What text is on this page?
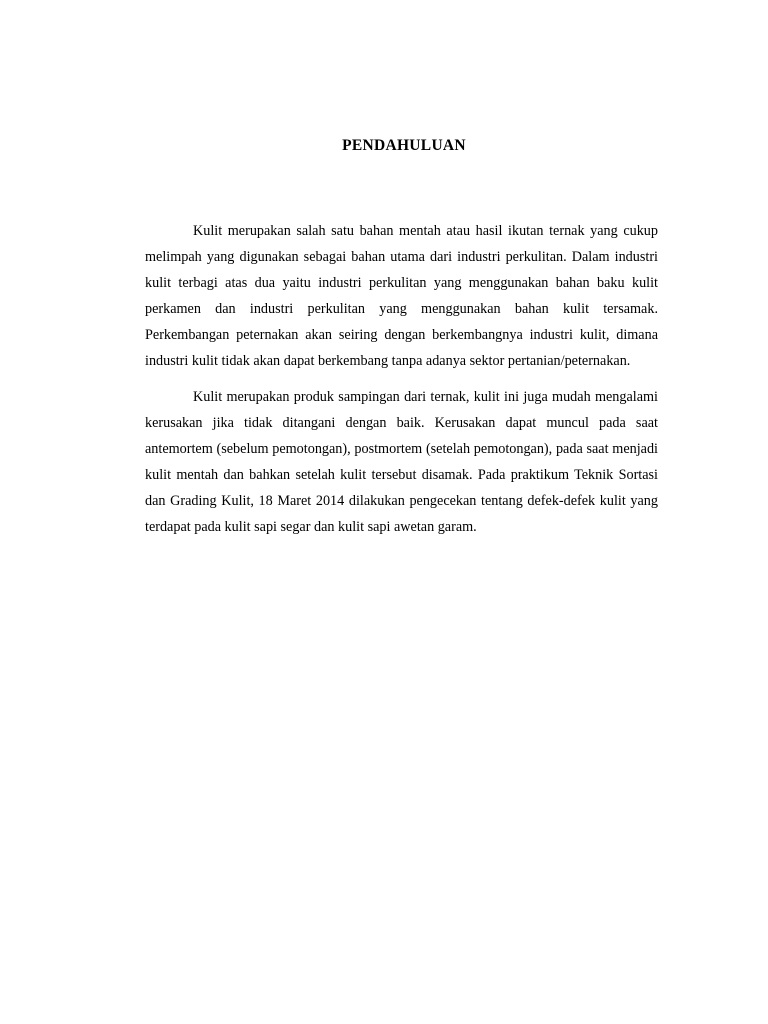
PENDAHULUAN

Kulit merupakan salah satu bahan mentah atau hasil ikutan ternak yang cukup melimpah yang digunakan sebagai bahan utama dari industri perkulitan. Dalam industri kulit terbagi atas dua yaitu industri perkulitan yang menggunakan bahan baku kulit perkamen dan industri perkulitan yang menggunakan bahan kulit tersamak. Perkembangan peternakan akan seiring dengan berkembangnya industri kulit, dimana industri kulit tidak akan dapat berkembang tanpa adanya sektor pertanian/peternakan.

Kulit merupakan produk sampingan dari ternak, kulit ini juga mudah mengalami kerusakan jika tidak ditangani dengan baik. Kerusakan dapat muncul pada saat antemortem (sebelum pemotongan), postmortem (setelah pemotongan), pada saat menjadi kulit mentah dan bahkan setelah kulit tersebut disamak. Pada praktikum Teknik Sortasi dan Grading Kulit, 18 Maret 2014 dilakukan pengecekan tentang defek-defek kulit yang terdapat pada kulit sapi segar dan kulit sapi awetan garam.
